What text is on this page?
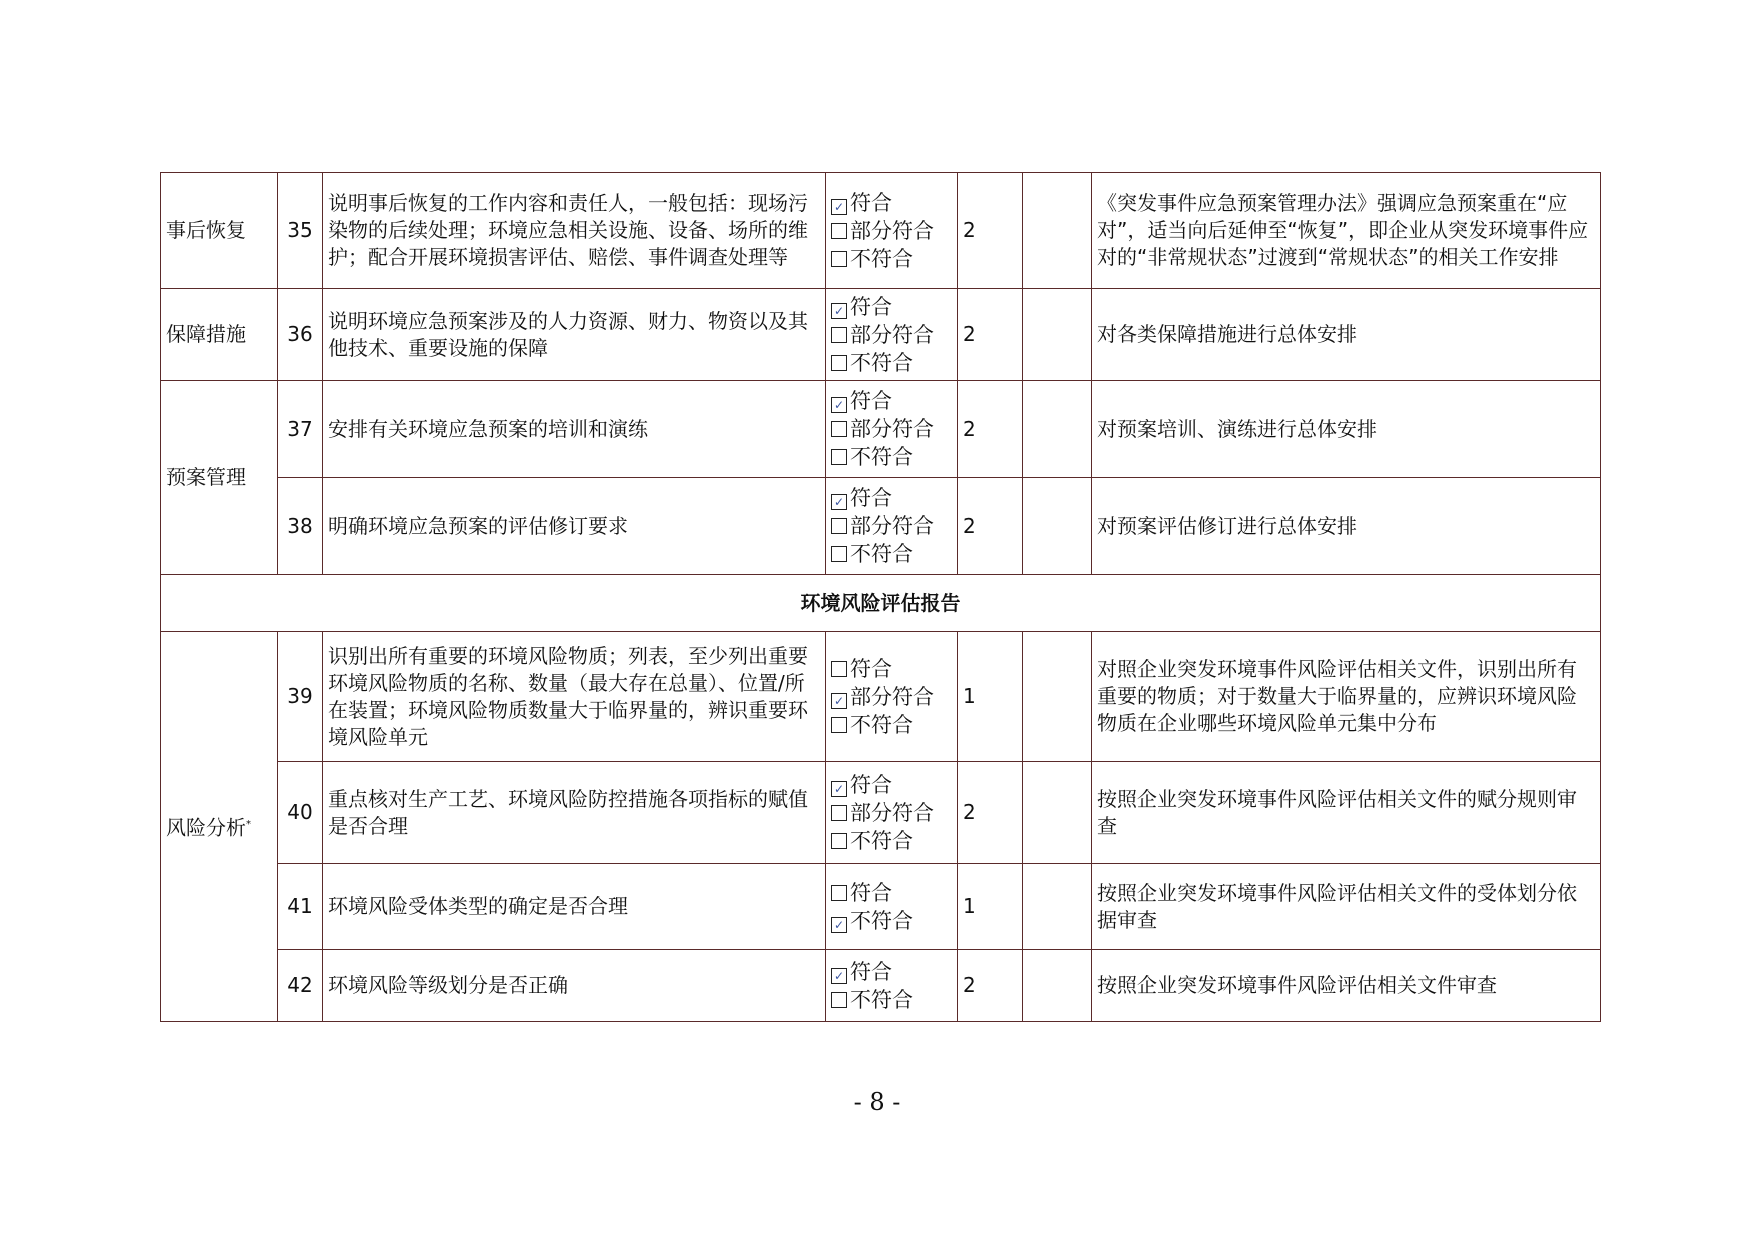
事后恢复	35	说明事后恢复的工作内容和责任人，一般包括：现场污染物的后续处理；环境应急相关设施、设备、场所的维护；配合开展环境损害评估、赔偿、事件调查处理等	✓ 符合
部分符合
不符合	2		《突发事件应急预案管理办法》强调应急预案重在“应对”，适当向后延伸至“恢复”，即企业从突发环境事件应对的“非常规状态”过渡到“常规状态”的相关工作安排
保障措施	36	说明环境应急预案涉及的人力资源、财力、物资以及其他技术、重要设施的保障	✓ 符合
部分符合
不符合	2		对各类保障措施进行总体安排
预案管理	37	安排有关环境应急预案的培训和演练	✓ 符合
部分符合
不符合	2		对预案培训、演练进行总体安排
	38	明确环境应急预案的评估修订要求	✓ 符合
部分符合
不符合	2		对预案评估修订进行总体安排
环境风险评估报告						
风险分析*	39	识别出所有重要的环境风险物质；列表，至少列出重要环境风险物质的名称、数量（最大存在总量）、位置/所在装置；环境风险物质数量大于临界量的，辨识重要环境风险单元	符合
✓ 部分符合
不符合	1		对照企业突发环境事件风险评估相关文件，识别出所有重要的物质；对于数量大于临界量的，应辨识环境风险物质在企业哪些环境风险单元集中分布
	40	重点核对生产工艺、环境风险防控措施各项指标的赋值是否合理	✓ 符合
部分符合
不符合	2		按照企业突发环境事件风险评估相关文件的赋分规则审查
	41	环境风险受体类型的确定是否合理	符合
✓ 不符合	1		按照企业突发环境事件风险评估相关文件的受体划分依据审查
	42	环境风险等级划分是否正确	✓ 符合
不符合	2		按照企业突发环境事件风险评估相关文件审查
- 8 -
